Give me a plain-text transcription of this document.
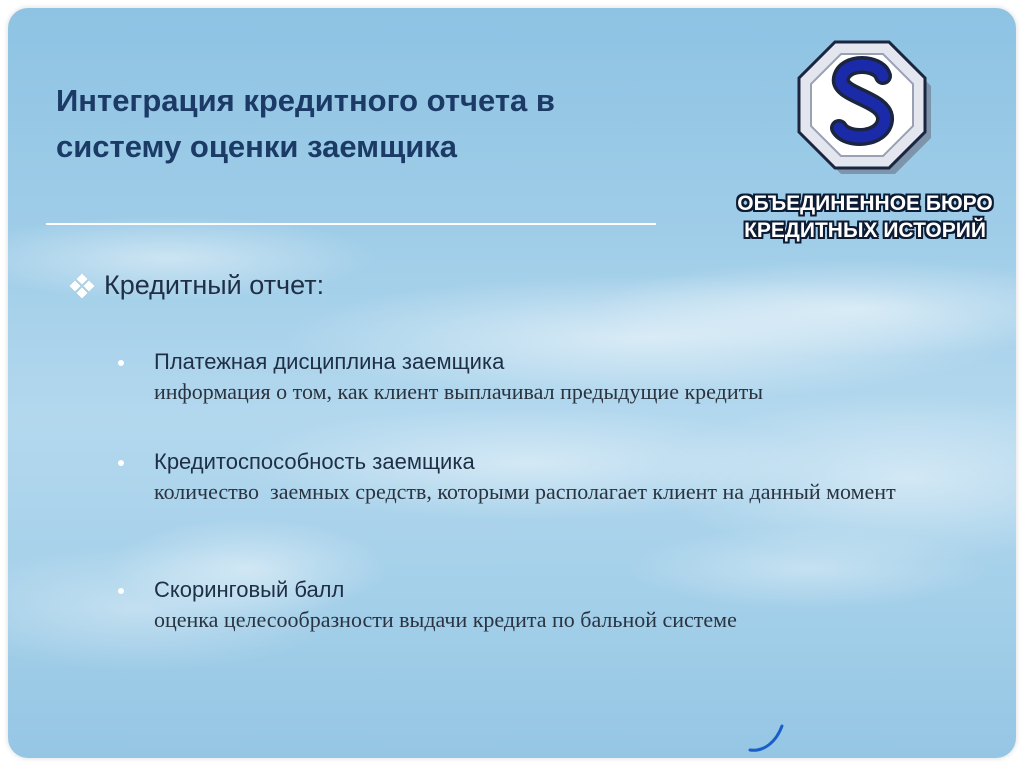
Интеграция кредитного отчета в систему оценки заемщика
ОБЪЕДИНЕННОЕ БЮРО
КРЕДИТНЫХ ИСТОРИЙ
Кредитный отчет:
Платежная дисциплина заемщика
информация о том, как клиент выплачивал предыдущие кредиты
Кредитоспособность заемщика
количество  заемных средств, которыми располагает клиент на данный момент
Скоринговый балл
оценка целесообразности выдачи кредита по бальной системе
